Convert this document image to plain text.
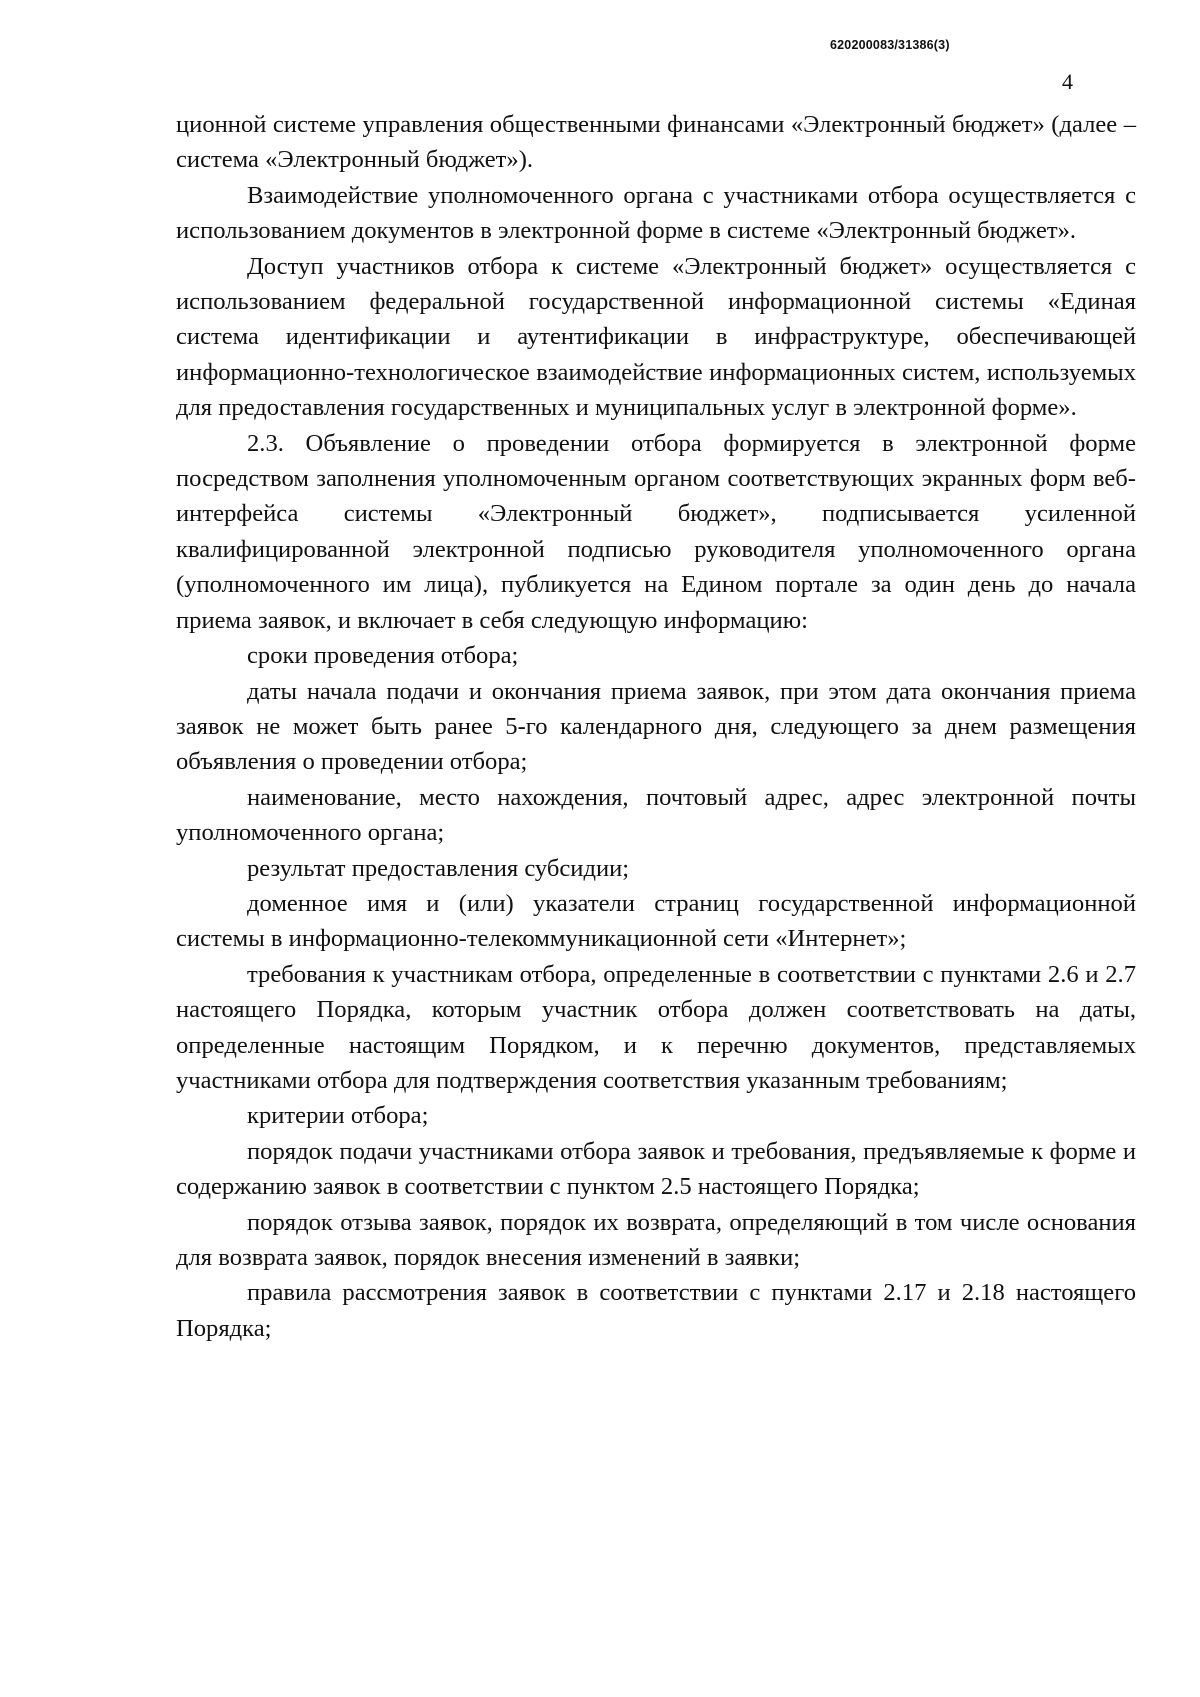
620200083/31386(3)
4

ционной системе управления общественными финансами «Электронный бюджет» (далее – система «Электронный бюджет»).

Взаимодействие уполномоченного органа с участниками отбора осуществляется с использованием документов в электронной форме в системе «Электронный бюджет».

Доступ участников отбора к системе «Электронный бюджет» осуществляется с использованием федеральной государственной информационной системы «Единая система идентификации и аутентификации в инфраструктуре, обеспечивающей информационно-технологическое взаимодействие информационных систем, используемых для предоставления государственных и муниципальных услуг в электронной форме».

2.3. Объявление о проведении отбора формируется в электронной форме посредством заполнения уполномоченным органом соответствующих экранных форм веб-интерфейса системы «Электронный бюджет», подписывается усиленной квалифицированной электронной подписью руководителя уполномоченного органа (уполномоченного им лица), публикуется на Едином портале за один день до начала приема заявок, и включает в себя следующую информацию:

сроки проведения отбора;

даты начала подачи и окончания приема заявок, при этом дата окончания приема заявок не может быть ранее 5-го календарного дня, следующего за днем размещения объявления о проведении отбора;

наименование, место нахождения, почтовый адрес, адрес электронной почты уполномоченного органа;

результат предоставления субсидии;

доменное имя и (или) указатели страниц государственной информационной системы в информационно-телекоммуникационной сети «Интернет»;

требования к участникам отбора, определенные в соответствии с пунктами 2.6 и 2.7 настоящего Порядка, которым участник отбора должен соответствовать на даты, определенные настоящим Порядком, и к перечню документов, представляемых участниками отбора для подтверждения соответствия указанным требованиям;

критерии отбора;

порядок подачи участниками отбора заявок и требования, предъявляемые к форме и содержанию заявок в соответствии с пунктом 2.5 настоящего Порядка;

порядок отзыва заявок, порядок их возврата, определяющий в том числе основания для возврата заявок, порядок внесения изменений в заявки;

правила рассмотрения заявок в соответствии с пунктами 2.17 и 2.18 настоящего Порядка;
